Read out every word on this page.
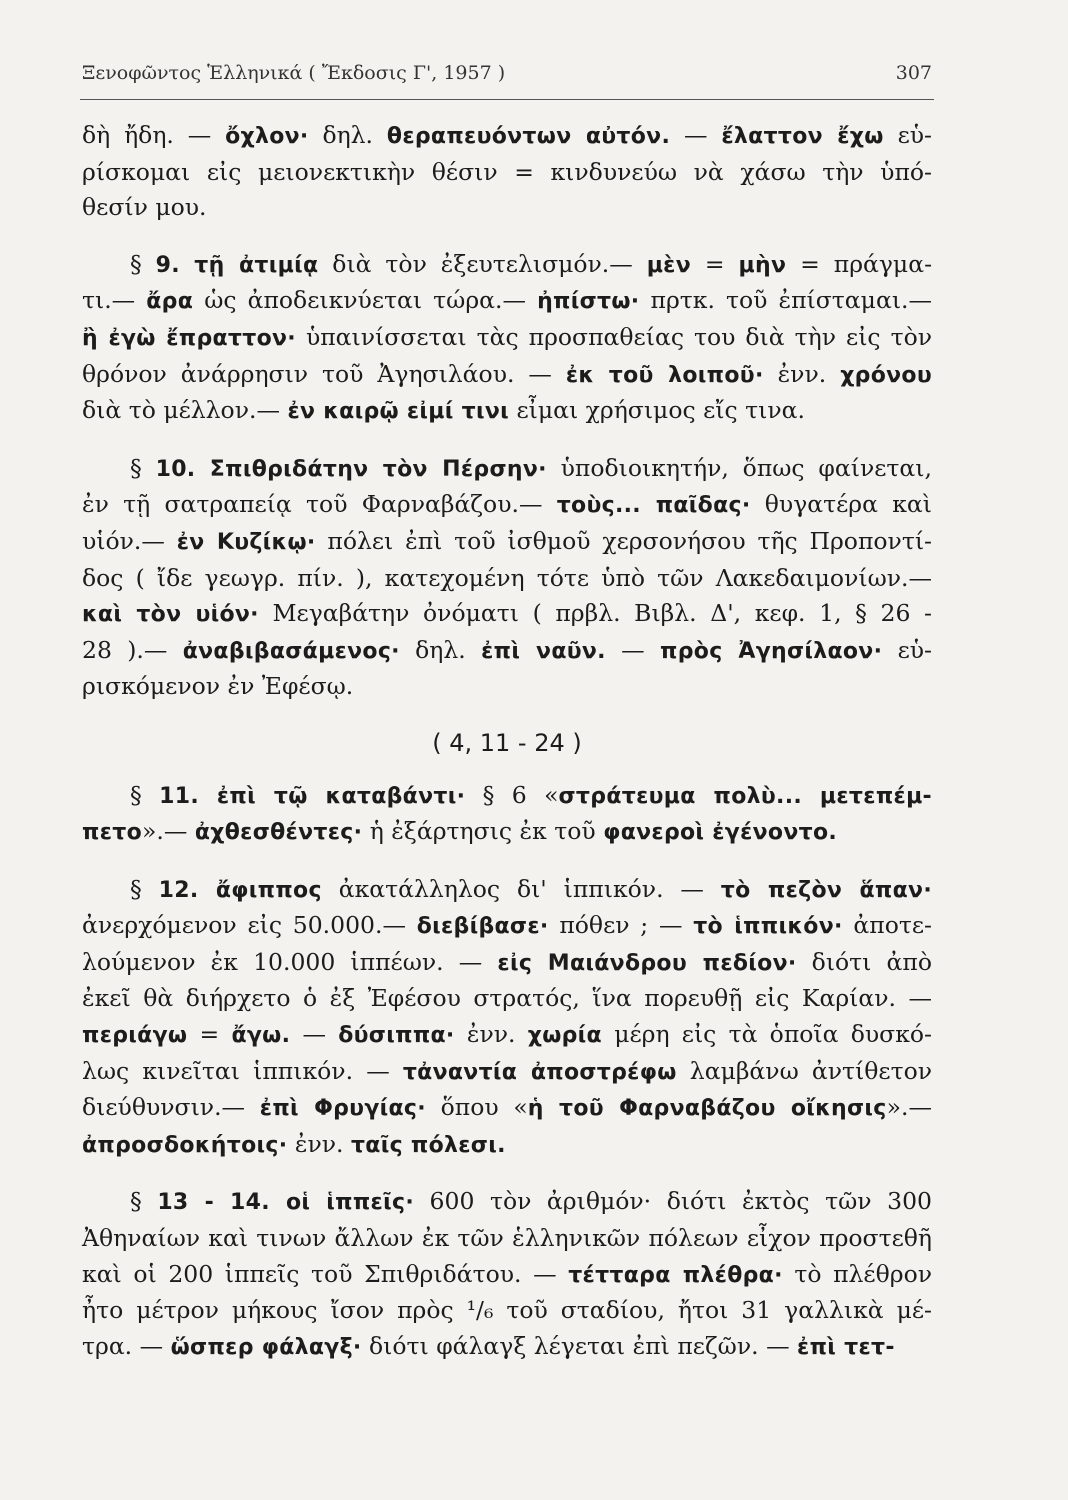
Ξενοφῶντος Ἑλληνικά ( Ἔκδοσις Γ', 1957 )	307
δὴ ἤδη. — ὄχλον· δηλ. θεραπευόντων αὐτόν. — ἔλαττον ἔχω εὑ-
ρίσκομαι εἰς μειονεκτικὴν θέσιν = κινδυνεύω νὰ χάσω τὴν ὑπό-
θεσίν μου.
§ 9. τῇ ἀτιμίᾳ διὰ τὸν ἐξευτελισμόν.— μὲν = μὴν = πράγμα-
τι.— ἄρα ὡς ἀποδεικνύεται τώρα.— ἠπίστω· πρτκ. τοῦ ἐπίσταμαι.—
ἢ ἐγὼ ἔπραττον· ὑπαινίσσεται τὰς προσπαθείας του διὰ τὴν εἰς τὸν
θρόνον ἀνάρρησιν τοῦ Ἀγησιλάου. — ἐκ τοῦ λοιποῦ· ἐνν. χρόνου
διὰ τὸ μέλλον.— ἐν καιρῷ εἰμί τινι εἶμαι χρήσιμος εἴς τινα.
§ 10. Σπιθριδάτην τὸν Πέρσην· ὑποδιοικητήν, ὅπως φαίνεται,
ἐν τῇ σατραπείᾳ τοῦ Φαρναβάζου.— τοὺς... παῖδας· θυγατέρα καὶ
υἱόν.— ἐν Κυζίκῳ· πόλει ἐπὶ τοῦ ἰσθμοῦ χερσονήσου τῆς Προποντί-
δος ( ἴδε γεωγρ. πίν. ), κατεχομένη τότε ὑπὸ τῶν Λακεδαιμονίων.—
καὶ τὸν υἱόν· Μεγαβάτην ὀνόματι ( πρβλ. Βιβλ. Δ', κεφ. 1, § 26 -
28 ).— ἀναβιβασάμενος· δηλ. ἐπὶ ναῦν. — πρὸς Ἀγησίλαον· εὑ-
ρισκόμενον ἐν Ἐφέσῳ.
( 4, 11 - 24 )
§ 11. ἐπὶ τῷ καταβάντι· § 6 «στράτευμα πολὺ... μετεπέμ-
πετο».— ἀχθεσθέντες· ἡ ἐξάρτησις ἐκ τοῦ φανεροὶ ἐγένοντο.
§ 12. ἄφιππος ἀκατάλληλος δι' ἱππικόν. — τὸ πεζὸν ἅπαν·
ἀνερχόμενον εἰς 50.000.— διεβίβασε· πόθεν ; — τὸ ἱππικόν· ἀποτε-
λούμενον ἐκ 10.000 ἱππέων. — εἰς Μαιάνδρου πεδίον· διότι ἀπὸ
ἐκεῖ θὰ διήρχετο ὁ ἐξ Ἐφέσου στρατός, ἵνα πορευθῇ εἰς Καρίαν. —
περιάγω = ἄγω. — δύσιππα· ἐνν. χωρία μέρη εἰς τὰ ὁποῖα δυσκό-
λως κινεῖται ἱππικόν. — τἀναντία ἀποστρέφω λαμβάνω ἀντίθετον
διεύθυνσιν.— ἐπὶ Φρυγίας· ὅπου «ἡ τοῦ Φαρναβάζου οἴκησις».—
ἀπροσδοκήτοις· ἐνν. ταῖς πόλεσι.
§ 13 - 14. οἱ ἱππεῖς· 600 τὸν ἀριθμόν· διότι ἐκτὸς τῶν 300
Ἀθηναίων καὶ τινων ἄλλων ἐκ τῶν ἑλληνικῶν πόλεων εἶχον προστεθῆ
καὶ οἱ 200 ἱππεῖς τοῦ Σπιθριδάτου. — τέτταρα πλέθρα· τὸ πλέθρον
ἦτο μέτρον μήκους ἴσον πρὸς ¹/₆ τοῦ σταδίου, ἤτοι 31 γαλλικὰ μέ-
τρα. — ὥσπερ φάλαγξ· διότι φάλαγξ λέγεται ἐπὶ πεζῶν. — ἐπὶ τετ-
